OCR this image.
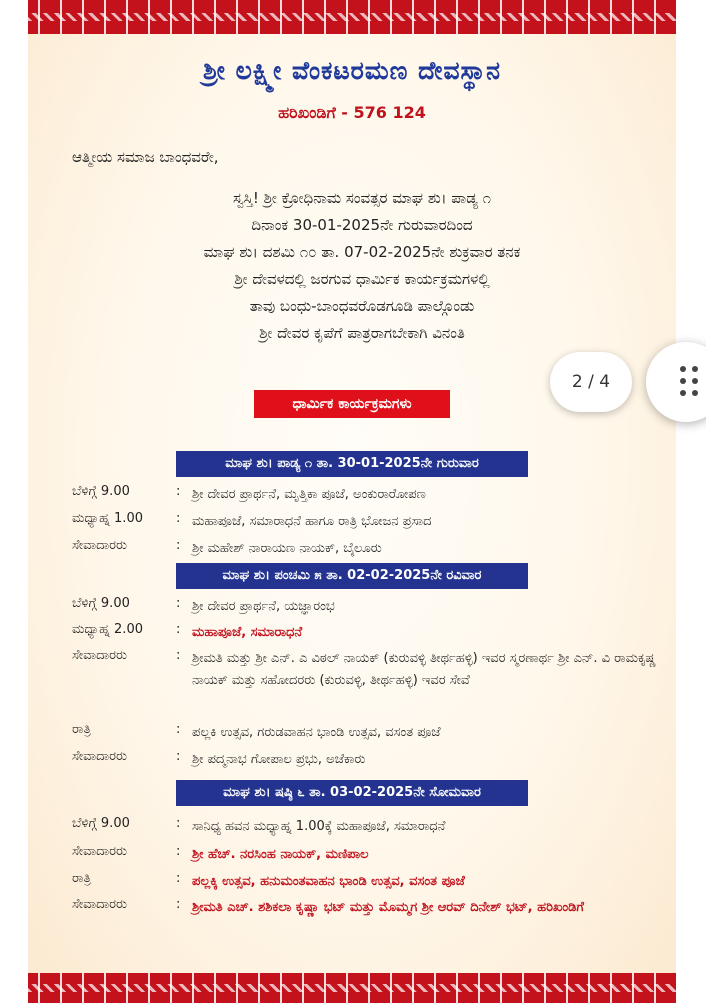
ಶ್ರೀ ಲಕ್ಷ್ಮೀ ವೆಂಕಟರಮಣ ದೇವಸ್ಥಾನ
ಹರಿಖಂಡಿಗೆ - 576 124
ಆತ್ಮೀಯ ಸಮಾಜ ಬಾಂಧವರೇ,
ಸ್ವಸ್ತಿ! ಶ್ರೀ ಕ್ರೋಧಿನಾಮ ಸಂವತ್ಸರ ಮಾಘ ಶು। ಪಾಡ್ಯ ೧
ದಿನಾಂಕ 30-01-2025ನೇ ಗುರುವಾರದಿಂದ
ಮಾಘ ಶು। ದಶಮಿ ೧೦ ತಾ. 07-02-2025ನೇ ಶುಕ್ರವಾರ ತನಕ
ಶ್ರೀ ದೇವಳದಲ್ಲಿ ಜರಗುವ ಧಾರ್ಮಿಕ ಕಾರ್ಯಕ್ರಮಗಳಲ್ಲಿ
ತಾವು ಬಂಧು-ಬಾಂಧವರೊಡಗೂಡಿ ಪಾಲ್ಗೊಂಡು
ಶ್ರೀ ದೇವರ ಕೃಪೆಗೆ ಪಾತ್ರರಾಗಬೇಕಾಗಿ ವಿನಂತಿ
ಧಾರ್ಮಿಕ ಕಾರ್ಯಕ್ರಮಗಳು
ಮಾಘ ಶು। ಪಾಡ್ಯ ೧ ತಾ. 30-01-2025ನೇ ಗುರುವಾರ
ಬೆಳಿಗ್ಗೆ 9.00	: ಶ್ರೀ ದೇವರ ಪ್ರಾರ್ಥನೆ, ಮೃತ್ತಿಕಾ ಪೂಜೆ, ಅಂಕುರಾರೋಪಣ
ಮಧ್ಯಾಹ್ನ 1.00	: ಮಹಾಪೂಜೆ, ಸಮಾರಾಧನೆ ಹಾಗೂ ರಾತ್ರಿ ಭೋಜನ ಪ್ರಸಾದ
ಸೇವಾದಾರರು	: ಶ್ರೀ ಮಹೇಶ್ ನಾರಾಯಣ ನಾಯಕ್, ಬೈಲೂರು
ಮಾಘ ಶು। ಪಂಚಮಿ ೫ ತಾ. 02-02-2025ನೇ ರವಿವಾರ
ಬೆಳಿಗ್ಗೆ 9.00	: ಶ್ರೀ ದೇವರ ಪ್ರಾರ್ಥನೆ, ಯಜ್ಞಾರಂಭ
ಮಧ್ಯಾಹ್ನ 2.00	: ಮಹಾಪೂಜೆ, ಸಮಾರಾಧನೆ
ಸೇವಾದಾರರು	: ಶ್ರೀಮತಿ ಮತ್ತು ಶ್ರೀ ಎನ್. ಎ ವಿಠಲ್ ನಾಯಕ್ (ಕುರುವಳ್ಳಿ ತೀರ್ಥಹಳ್ಳಿ) ಇವರ ಸ್ಮರಣಾರ್ಥ ಶ್ರೀ ಎನ್. ವಿ ರಾಮಕೃಷ್ಣ ನಾಯಕ್ ಮತ್ತು ಸಹೋದರರು (ಕುರುವಳ್ಳಿ, ತೀರ್ಥಹಳ್ಳಿ) ಇವರ ಸೇವೆ
ರಾತ್ರಿ	: ಪಲ್ಲಕಿ ಉತ್ಸವ, ಗರುಡವಾಹನ ಭಾಂಡಿ ಉತ್ಸವ, ವಸಂತ ಪೂಜೆ
ಸೇವಾದಾರರು	: ಶ್ರೀ ಪದ್ಮನಾಭ ಗೋಪಾಲ ಪ್ರಭು, ಅಜೆಕಾರು
ಮಾಘ ಶು। ಷಷ್ಠಿ ೬ ತಾ. 03-02-2025ನೇ ಸೋಮವಾರ
ಬೆಳಿಗ್ಗೆ 9.00	: ಸಾನಿಧ್ಯ ಹವನ ಮಧ್ಯಾಹ್ನ 1.00ಕ್ಕೆ ಮಹಾಪೂಜೆ, ಸಮಾರಾಧನೆ
ಸೇವಾದಾರರು	: ಶ್ರೀ ಹೆಚ್. ನರಸಿಂಹ ನಾಯಕ್, ಮಣಿಪಾಲ
ರಾತ್ರಿ	: ಪಲ್ಲಕ್ಕಿ ಉತ್ಸವ, ಹನುಮಂತವಾಹನ ಭಾಂಡಿ ಉತ್ಸವ, ವಸಂತ ಪೂಜೆ
ಸೇವಾದಾರರು	: ಶ್ರೀಮತಿ ಎಚ್. ಶಶಿಕಲಾ ಕೃಷ್ಣಾ ಭಟ್ ಮತ್ತು ಮೊಮ್ಮಗ ಶ್ರೀ ಆರವ್ ದಿನೇಶ್ ಭಟ್, ಹರಿಖಂಡಿಗೆ
2 / 4
